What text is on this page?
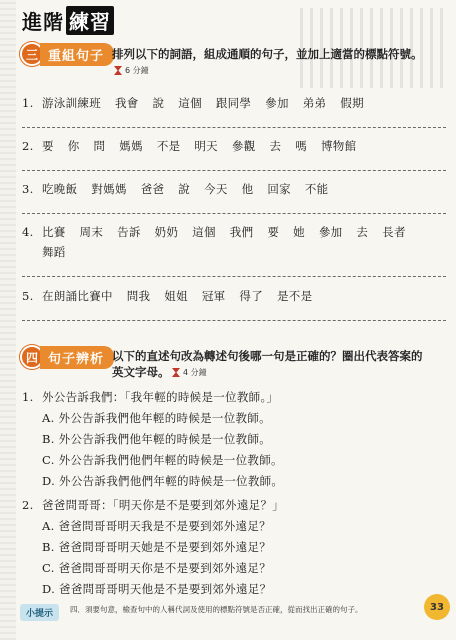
進階 練習
三 重組句子 排列以下的詞語，組成通順的句子，並加上適當的標點符號。
6 分鐘
1. 游泳訓練班 我會 說 這個 跟同學 參加 弟弟 假期
2. 要 你 問 媽媽 不是 明天 參觀 去 嗎 博物館
3. 吃晚飯 對媽媽 爸爸 說 今天 他 回家 不能
4. 比賽 周末 告訴 奶奶 這個 我們 要 她 參加 去 長者
舞蹈
5. 在朗誦比賽中 問我 姐姐 冠軍 得了 是不是
四 句子辨析 以下的直述句改為轉述句後哪一句是正確的？圈出代表答案的
英文字母。 4 分鐘
1. 外公告訴我們：「我年輕的時候是一位教師。」
A. 外公告訴我們他年輕的時候是一位教師。
B. 外公告訴我們他年輕的時候是一位教師。
C. 外公告訴我們他們年輕的時候是一位教師。
D. 外公告訴我們他們年輕的時候是一位教師。
2. 爸爸問哥哥：「明天你是不是要到郊外遠足？」
A. 爸爸問哥哥明天我是不是要到郊外遠足？
B. 爸爸問哥哥明天她是不是要到郊外遠足？
C. 爸爸問哥哥明天你是不是要到郊外遠足？
D. 爸爸問哥哥明天他是不是要到郊外遠足？
小提示	四．須要句意，檢查句中的人稱代詞及使用的標點符號是否正確，從而找出正確的句子。	33
